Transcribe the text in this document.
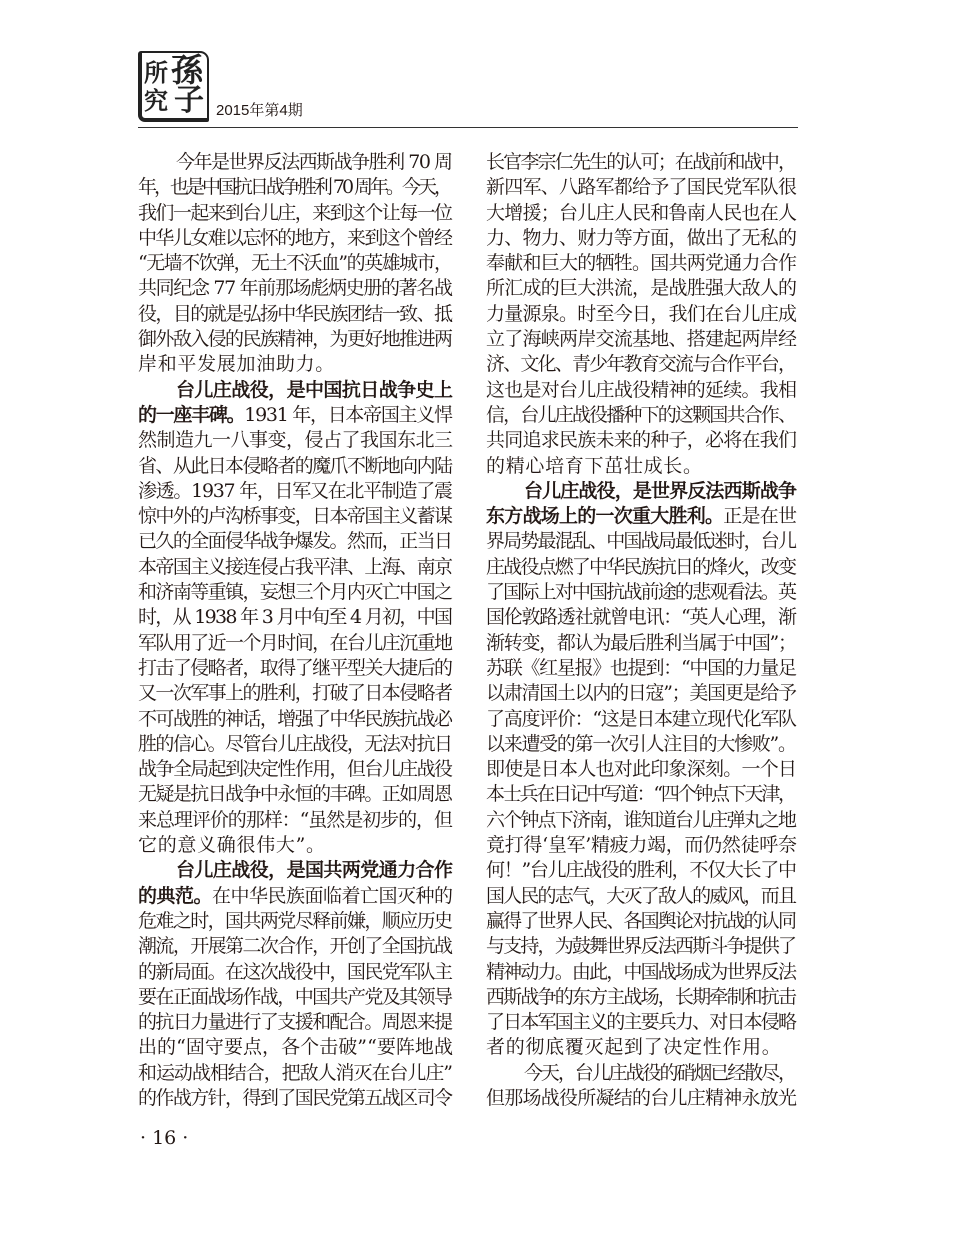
所 孫
究 子 2015年第4期
今年是世界反法西斯战争胜利 70 周
年，也是中国抗日战争胜利 70 周年。今天，
我们一起来到台儿庄，来到这个让每一位
中华儿女难以忘怀的地方，来到这个曾经
“无墙不饮弹，无土不沃血”的英雄城市，
共同纪念 77 年前那场彪炳史册的著名战
役，目的就是弘扬中华民族团结一致、抵
御外敌入侵的民族精神，为更好地推进两
岸和平发展加油助力。
台儿庄战役，是中国抗日战争史上
的一座丰碑。1931 年，日本帝国主义悍
然制造九一八事变，侵占了我国东北三
省、从此日本侵略者的魔爪不断地向内陆
渗透。1937 年，日军又在北平制造了震
惊中外的卢沟桥事变，日本帝国主义蓄谋
已久的全面侵华战争爆发。然而，正当日
本帝国主义接连侵占我平津、上海、南京
和济南等重镇，妄想三个月内灭亡中国之
时，从 1938 年 3 月中旬至 4 月初，中国
军队用了近一个月时间，在台儿庄沉重地
打击了侵略者，取得了继平型关大捷后的
又一次军事上的胜利，打破了日本侵略者
不可战胜的神话，增强了中华民族抗战必
胜的信心。尽管台儿庄战役，无法对抗日
战争全局起到决定性作用，但台儿庄战役
无疑是抗日战争中永恒的丰碑。正如周恩
来总理评价的那样：“虽然是初步的，但
它的意义确很伟大”。
台儿庄战役，是国共两党通力合作
的典范。在中华民族面临着亡国灭种的
危难之时，国共两党尽释前嫌，顺应历史
潮流，开展第二次合作，开创了全国抗战
的新局面。在这次战役中，国民党军队主
要在正面战场作战，中国共产党及其领导
的抗日力量进行了支援和配合。周恩来提
出的“固守要点，各个击破”“要阵地战
和运动战相结合，把敌人消灭在台儿庄”
的作战方针，得到了国民党第五战区司令
长官李宗仁先生的认可；在战前和战中，
新四军、八路军都给予了国民党军队很
大增援；台儿庄人民和鲁南人民也在人
力、物力、财力等方面，做出了无私的
奉献和巨大的牺牲。国共两党通力合作
所汇成的巨大洪流，是战胜强大敌人的
力量源泉。时至今日，我们在台儿庄成
立了海峡两岸交流基地、搭建起两岸经
济、文化、青少年教育交流与合作平台，
这也是对台儿庄战役精神的延续。我相
信，台儿庄战役播种下的这颗国共合作、
共同追求民族未来的种子，必将在我们
的精心培育下茁壮成长。
台儿庄战役，是世界反法西斯战争
东方战场上的一次重大胜利。正是在世
界局势最混乱、中国战局最低迷时，台儿
庄战役点燃了中华民族抗日的烽火，改变
了国际上对中国抗战前途的悲观看法。英
国伦敦路透社就曾电讯：“英人心理，渐
渐转变，都认为最后胜利当属于中国”；
苏联《红星报》也提到：“中国的力量足
以肃清国土以内的日寇”；美国更是给予
了高度评价：“这是日本建立现代化军队
以来遭受的第一次引人注目的大惨败”。
即使是日本人也对此印象深刻。一个日
本士兵在日记中写道：“四个钟点下天津，
六个钟点下济南，谁知道台儿庄弹丸之地
竟打得‘皇军’精疲力竭，而仍然徒呼奈
何！”台儿庄战役的胜利，不仅大长了中
国人民的志气，大灭了敌人的威风，而且
赢得了世界人民、各国舆论对抗战的认同
与支持，为鼓舞世界反法西斯斗争提供了
精神动力。由此，中国战场成为世界反法
西斯战争的东方主战场，长期牵制和抗击
了日本军国主义的主要兵力、对日本侵略
者的彻底覆灭起到了决定性作用。
今天，台儿庄战役的硝烟已经散尽，
但那场战役所凝结的台儿庄精神永放光
· 16 ·
